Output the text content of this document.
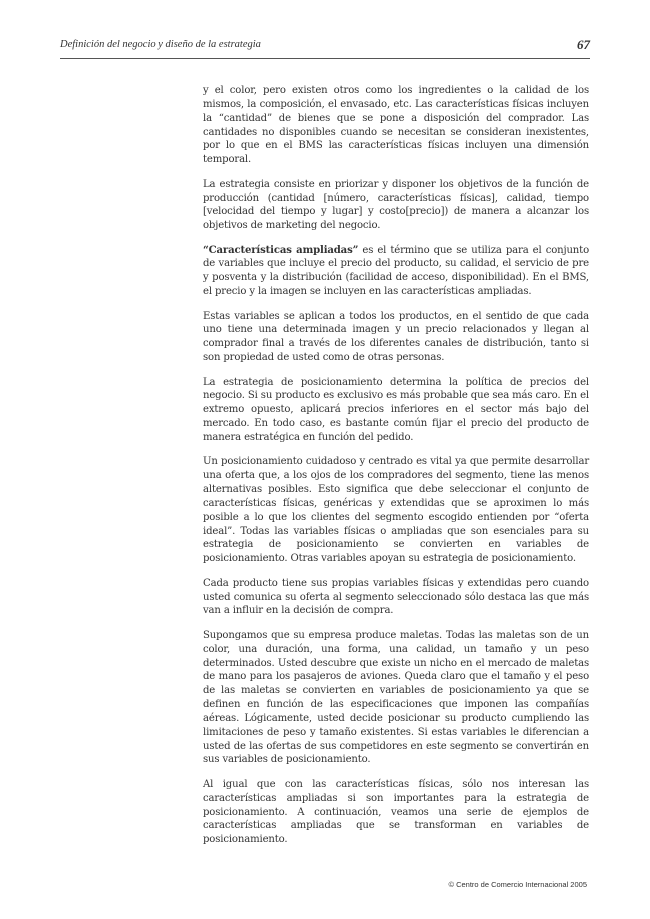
Definición del negocio y diseño de la estrategia	67

y el color, pero existen otros como los ingredientes o la calidad de los mismos, la composición, el envasado, etc. Las características físicas incluyen la “cantidad” de bienes que se pone a disposición del comprador. Las cantidades no disponibles cuando se necesitan se consideran inexistentes, por lo que en el BMS las características físicas incluyen una dimensión temporal.

La estrategia consiste en priorizar y disponer los objetivos de la función de producción (cantidad [número, características físicas], calidad, tiempo [velocidad del tiempo y lugar] y costo[precio]) de manera a alcanzar los objetivos de marketing del negocio.

“Características ampliadas” es el término que se utiliza para el conjunto de variables que incluye el precio del producto, su calidad, el servicio de pre y posventa y la distribución (facilidad de acceso, disponibilidad). En el BMS, el precio y la imagen se incluyen en las características ampliadas.

Estas variables se aplican a todos los productos, en el sentido de que cada uno tiene una determinada imagen y un precio relacionados y llegan al comprador final a través de los diferentes canales de distribución, tanto si son propiedad de usted como de otras personas.

La estrategia de posicionamiento determina la política de precios del negocio. Si su producto es exclusivo es más probable que sea más caro. En el extremo opuesto, aplicará precios inferiores en el sector más bajo del mercado. En todo caso, es bastante común fijar el precio del producto de manera estratégica en función del pedido.

Un posicionamiento cuidadoso y centrado es vital ya que permite desarrollar una oferta que, a los ojos de los compradores del segmento, tiene las menos alternativas posibles. Esto significa que debe seleccionar el conjunto de características físicas, genéricas y extendidas que se aproximen lo más posible a lo que los clientes del segmento escogido entienden por “oferta ideal”. Todas las variables físicas o ampliadas que son esenciales para su estrategia de posicionamiento se convierten en variables de posicionamiento. Otras variables apoyan su estrategia de posicionamiento.

Cada producto tiene sus propias variables físicas y extendidas pero cuando usted comunica su oferta al segmento seleccionado sólo destaca las que más van a influir en la decisión de compra.

Supongamos que su empresa produce maletas. Todas las maletas son de un color, una duración, una forma, una calidad, un tamaño y un peso determinados. Usted descubre que existe un nicho en el mercado de maletas de mano para los pasajeros de aviones. Queda claro que el tamaño y el peso de las maletas se convierten en variables de posicionamiento ya que se definen en función de las especificaciones que imponen las compañías aéreas. Lógicamente, usted decide posicionar su producto cumpliendo las limitaciones de peso y tamaño existentes. Si estas variables le diferencian a usted de las ofertas de sus competidores en este segmento se convertirán en sus variables de posicionamiento.

Al igual que con las características físicas, sólo nos interesan las características ampliadas si son importantes para la estrategia de posicionamiento. A continuación, veamos una serie de ejemplos de características ampliadas que se transforman en variables de posicionamiento.

© Centro de Comercio Internacional 2005
